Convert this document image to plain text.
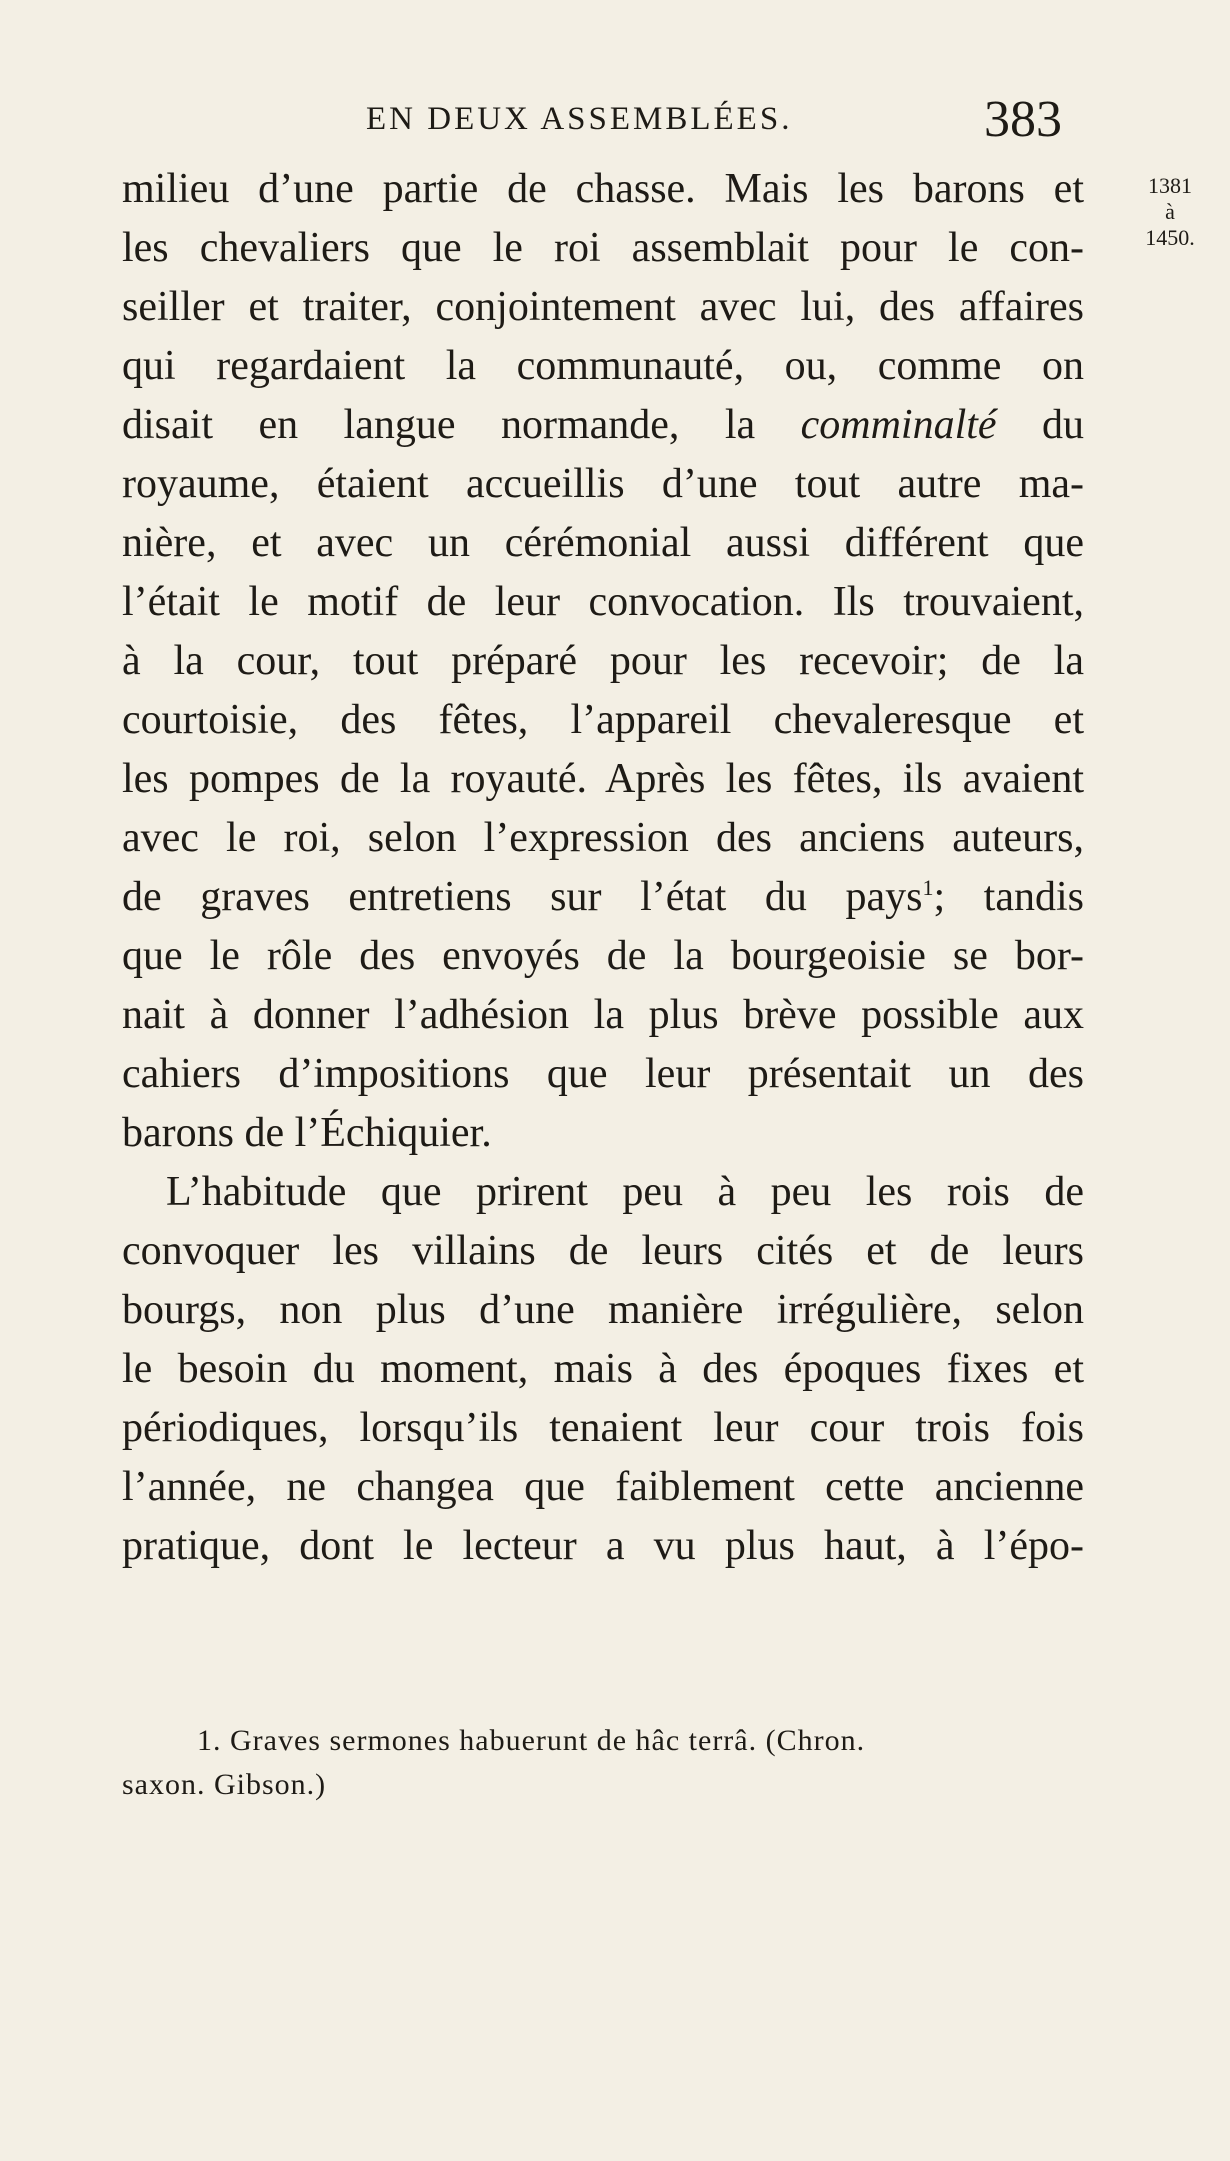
EN DEUX ASSEMBLÉES.	383
1381
à
1450.
milieu d’une partie de chasse. Mais les barons et
les chevaliers que le roi assemblait pour le con-
seiller et traiter, conjointement avec lui, des affaires
qui regardaient la communauté, ou, comme on
disait en langue normande, la comminalté du
royaume, étaient accueillis d’une tout autre ma-
nière, et avec un cérémonial aussi différent que
l’était le motif de leur convocation. Ils trouvaient,
à la cour, tout préparé pour les recevoir; de la
courtoisie, des fêtes, l’appareil chevaleresque et
les pompes de la royauté. Après les fêtes, ils avaient
avec le roi, selon l’expression des anciens auteurs,
de graves entretiens sur l’état du pays$^1$; tandis
que le rôle des envoyés de la bourgeoisie se bor-
nait à donner l’adhésion la plus brève possible aux
cahiers d’impositions que leur présentait un des
barons de l’Échiquier.
L’habitude que prirent peu à peu les rois de
convoquer les villains de leurs cités et de leurs
bourgs, non plus d’une manière irrégulière, selon
le besoin du moment, mais à des époques fixes et
périodiques, lorsqu’ils tenaient leur cour trois fois
l’année, ne changea que faiblement cette ancienne
pratique, dont le lecteur a vu plus haut, à l’épo-
1. Graves sermones habuerunt de hâc terrâ. (Chron.
saxon. Gibson.)
